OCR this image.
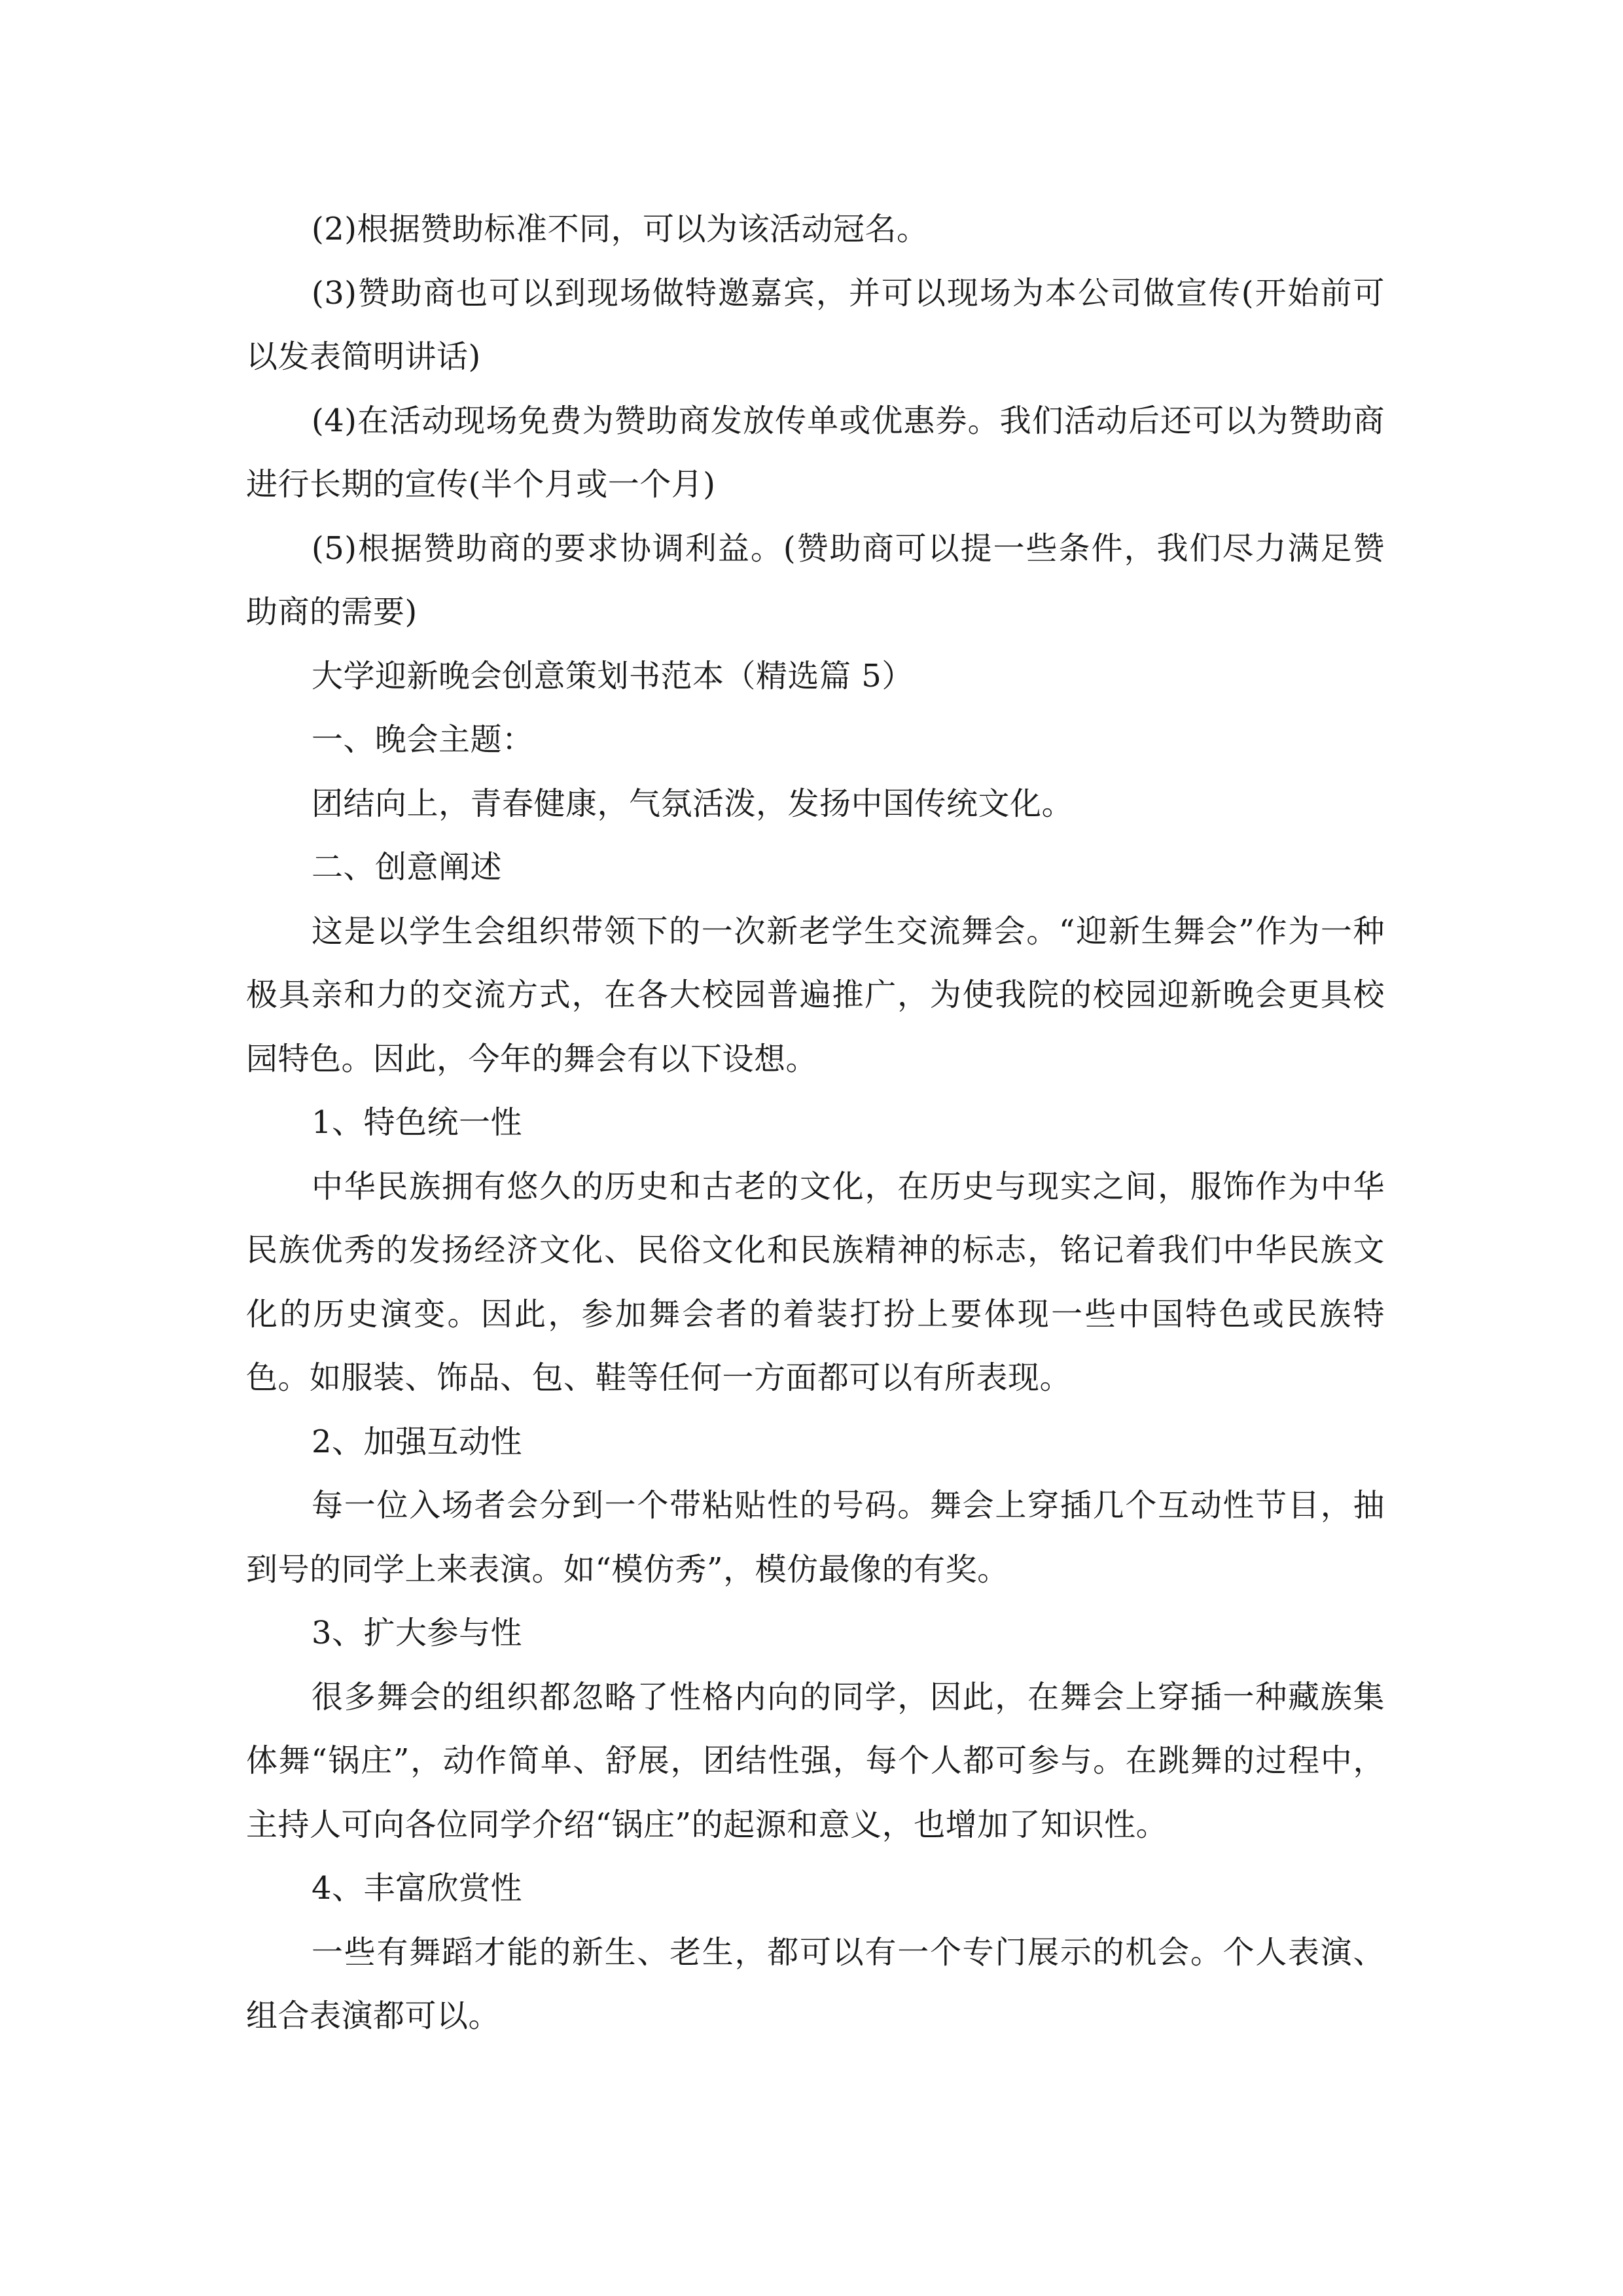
(2)根据赞助标准不同，可以为该活动冠名。

(3)赞助商也可以到现场做特邀嘉宾，并可以现场为本公司做宣传(开始前可以发表简明讲话)

(4)在活动现场免费为赞助商发放传单或优惠券。我们活动后还可以为赞助商进行长期的宣传(半个月或一个月)

(5)根据赞助商的要求协调利益。(赞助商可以提一些条件，我们尽力满足赞助商的需要)

大学迎新晚会创意策划书范本（精选篇 5）

一、晚会主题：

团结向上，青春健康，气氛活泼，发扬中国传统文化。

二、创意阐述

这是以学生会组织带领下的一次新老学生交流舞会。“迎新生舞会”作为一种极具亲和力的交流方式，在各大校园普遍推广，为使我院的校园迎新晚会更具校园特色。因此，今年的舞会有以下设想。

1、特色统一性

中华民族拥有悠久的历史和古老的文化，在历史与现实之间，服饰作为中华民族优秀的发扬经济文化、民俗文化和民族精神的标志，铭记着我们中华民族文化的历史演变。因此，参加舞会者的着装打扮上要体现一些中国特色或民族特色。如服装、饰品、包、鞋等任何一方面都可以有所表现。

2、加强互动性

每一位入场者会分到一个带粘贴性的号码。舞会上穿插几个互动性节目，抽到号的同学上来表演。如“模仿秀”，模仿最像的有奖。

3、扩大参与性

很多舞会的组织都忽略了性格内向的同学，因此，在舞会上穿插一种藏族集体舞“锅庄”，动作简单、舒展，团结性强，每个人都可参与。在跳舞的过程中，主持人可向各位同学介绍“锅庄”的起源和意义，也增加了知识性。

4、丰富欣赏性

一些有舞蹈才能的新生、老生，都可以有一个专门展示的机会。个人表演、组合表演都可以。
